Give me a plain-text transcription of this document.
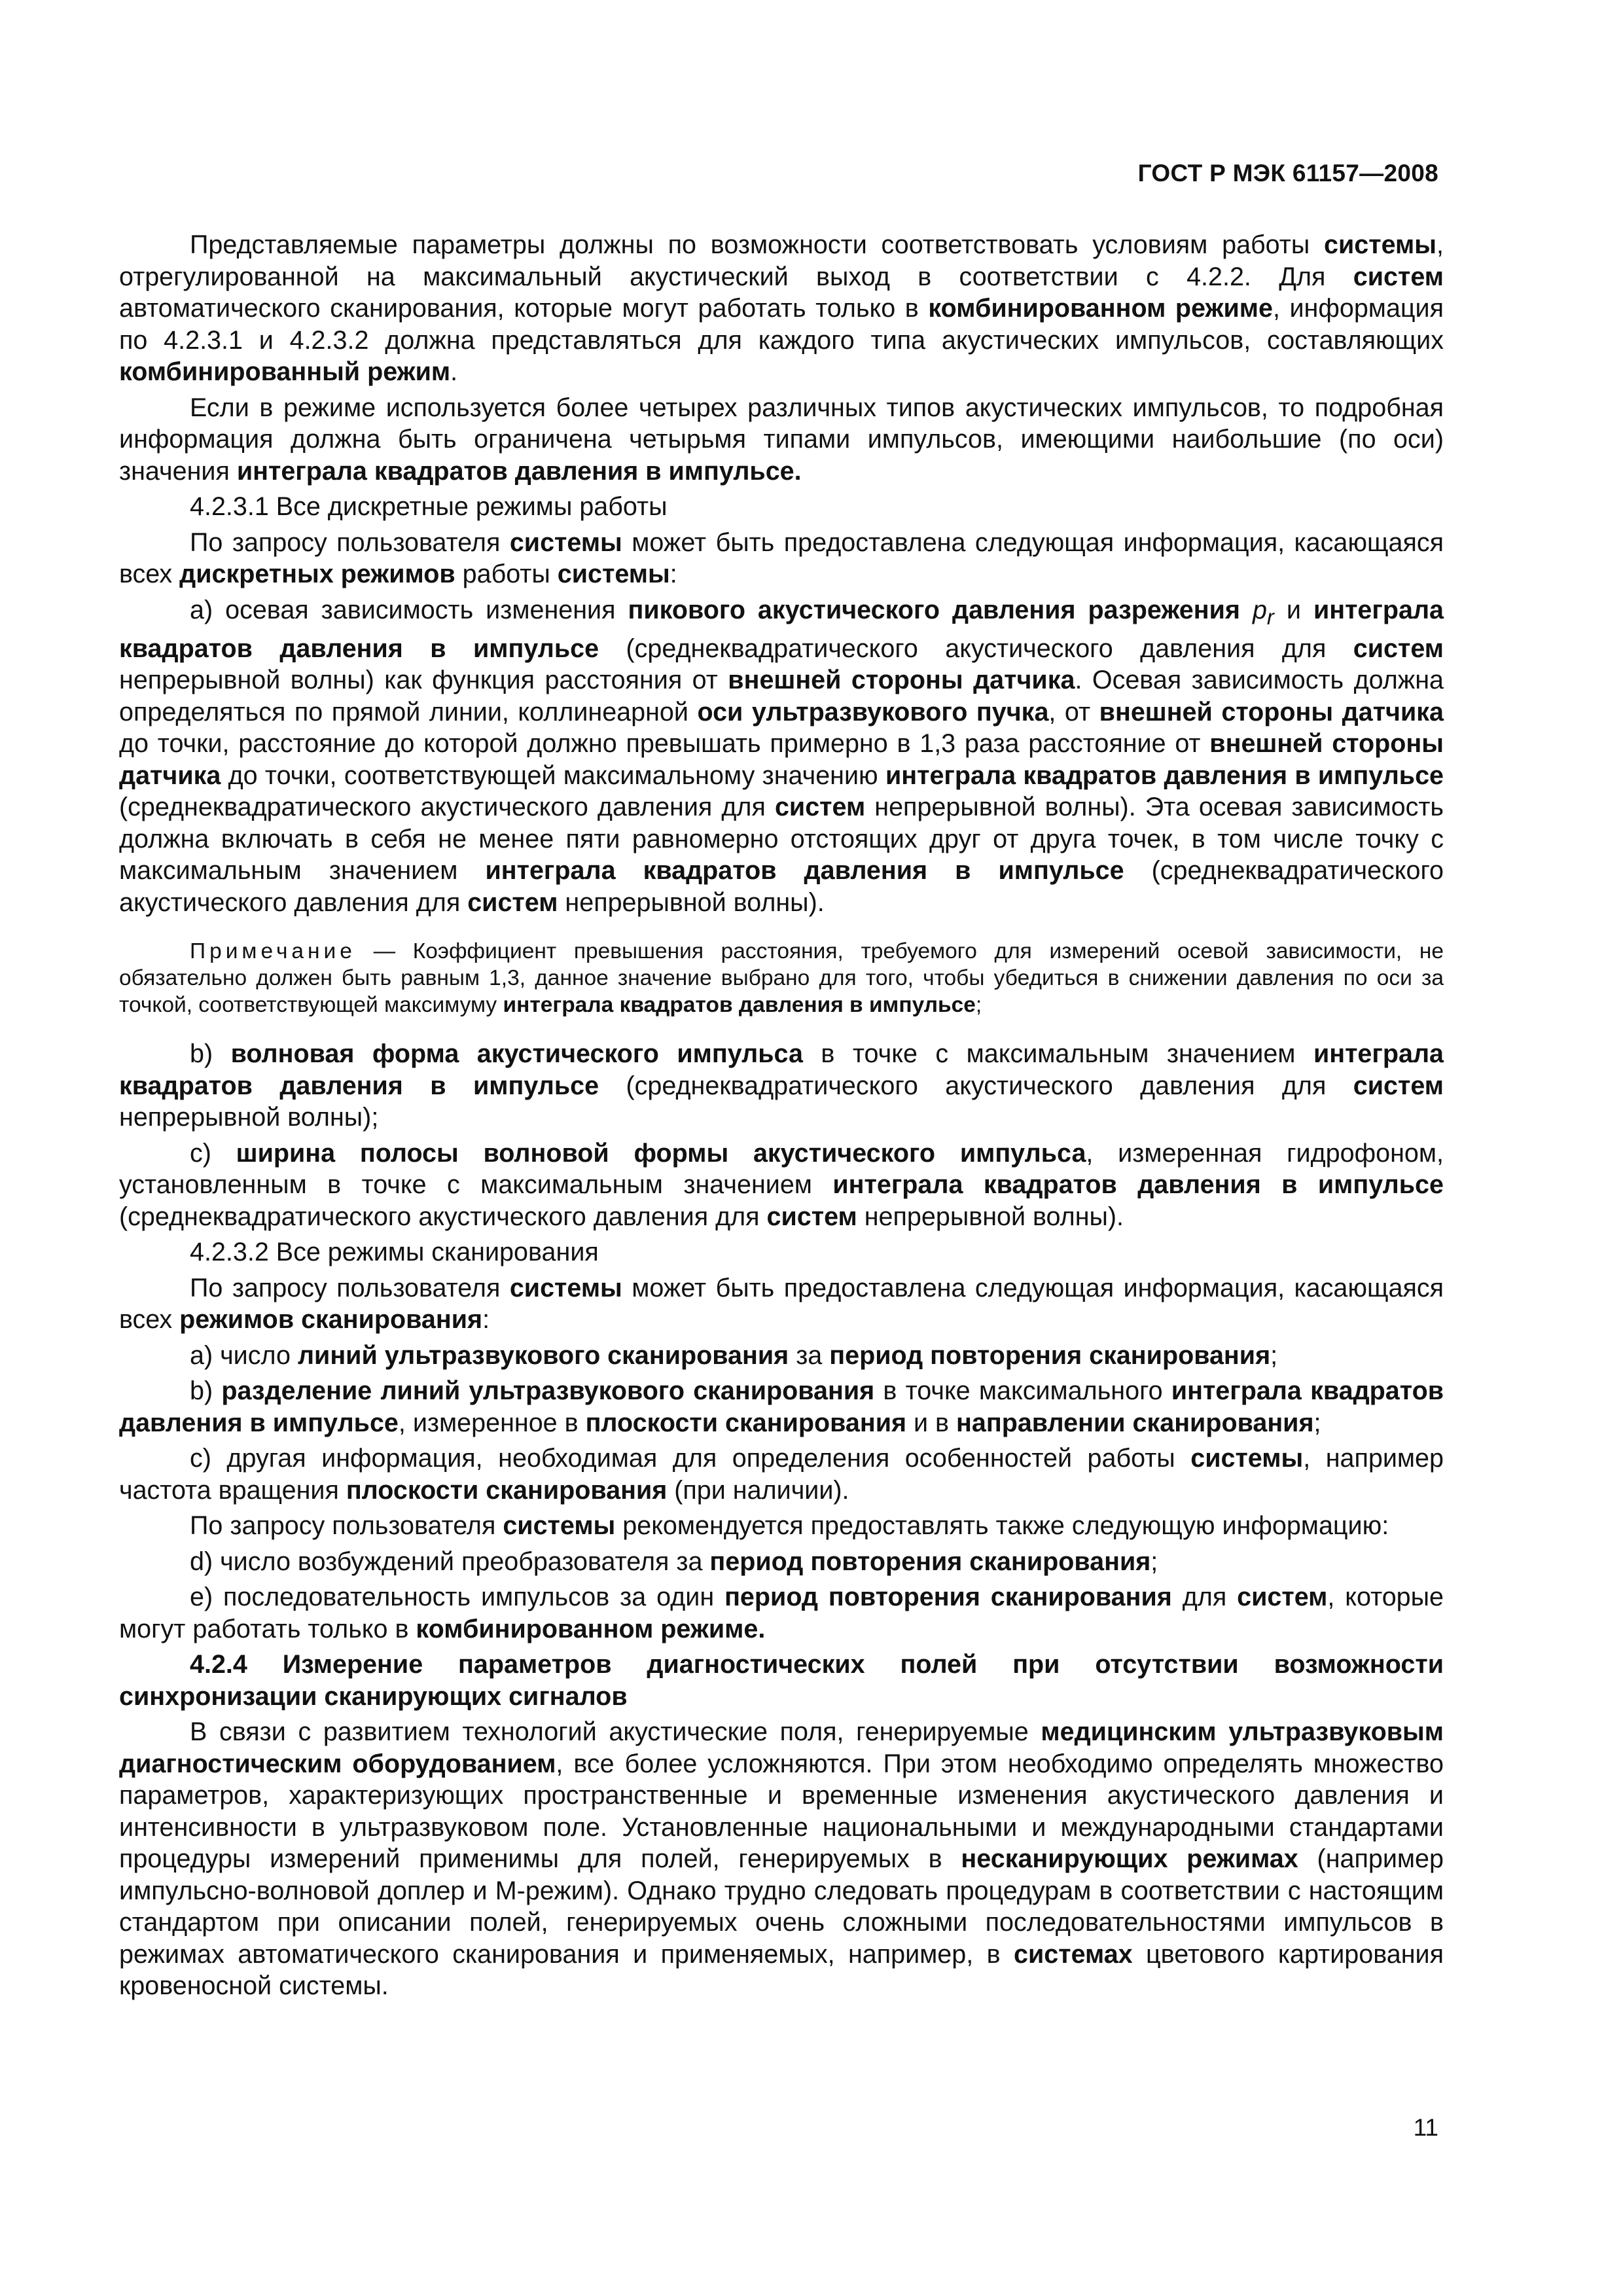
ГОСТ Р МЭК 61157—2008

Представляемые параметры должны по возможности соответствовать условиям работы системы, отрегулированной на максимальный акустический выход в соответствии с 4.2.2. Для систем автоматического сканирования, которые могут работать только в комбинированном режиме, информация по 4.2.3.1 и 4.2.3.2 должна представляться для каждого типа акустических импульсов, составляющих комбинированный режим.

Если в режиме используется более четырех различных типов акустических импульсов, то подробная информация должна быть ограничена четырьмя типами импульсов, имеющими наибольшие (по оси) значения интеграла квадратов давления в импульсе.

4.2.3.1 Все дискретные режимы работы

По запросу пользователя системы может быть предоставлена следующая информация, касающаяся всех дискретных режимов работы системы:

a) осевая зависимость изменения пикового акустического давления разрежения $p_r$ и интеграла квадратов давления в импульсе (среднеквадратического акустического давления для систем непрерывной волны) как функция расстояния от внешней стороны датчика. Осевая зависимость должна определяться по прямой линии, коллинеарной оси ультразвукового пучка, от внешней стороны датчика до точки, расстояние до которой должно превышать примерно в 1,3 раза расстояние от внешней стороны датчика до точки, соответствующей максимальному значению интеграла квадратов давления в импульсе (среднеквадратического акустического давления для систем непрерывной волны). Эта осевая зависимость должна включать в себя не менее пяти равномерно отстоящих друг от друга точек, в том числе точку с максимальным значением интеграла квадратов давления в импульсе (среднеквадратического акустического давления для систем непрерывной волны).

Примечание — Коэффициент превышения расстояния, требуемого для измерений осевой зависимости, не обязательно должен быть равным 1,3, данное значение выбрано для того, чтобы убедиться в снижении давления по оси за точкой, соответствующей максимуму интеграла квадратов давления в импульсе;

b) волновая форма акустического импульса в точке с максимальным значением интеграла квадратов давления в импульсе (среднеквадратического акустического давления для систем непрерывной волны);

c) ширина полосы волновой формы акустического импульса, измеренная гидрофоном, установленным в точке с максимальным значением интеграла квадратов давления в импульсе (среднеквадратического акустического давления для систем непрерывной волны).

4.2.3.2 Все режимы сканирования

По запросу пользователя системы может быть предоставлена следующая информация, касающаяся всех режимов сканирования:

a) число линий ультразвукового сканирования за период повторения сканирования;

b) разделение линий ультразвукового сканирования в точке максимального интеграла квадратов давления в импульсе, измеренное в плоскости сканирования и в направлении сканирования;

c) другая информация, необходимая для определения особенностей работы системы, например частота вращения плоскости сканирования (при наличии).

По запросу пользователя системы рекомендуется предоставлять также следующую информацию:

d) число возбуждений преобразователя за период повторения сканирования;

e) последовательность импульсов за один период повторения сканирования для систем, которые могут работать только в комбинированном режиме.

4.2.4 Измерение параметров диагностических полей при отсутствии возможности синхронизации сканирующих сигналов

В связи с развитием технологий акустические поля, генерируемые медицинским ультразвуковым диагностическим оборудованием, все более усложняются. При этом необходимо определять множество параметров, характеризующих пространственные и временные изменения акустического давления и интенсивности в ультразвуковом поле. Установленные национальными и международными стандартами процедуры измерений применимы для полей, генерируемых в несканирующих режимах (например импульсно-волновой доплер и М-режим). Однако трудно следовать процедурам в соответствии с настоящим стандартом при описании полей, генерируемых очень сложными последовательностями импульсов в режимах автоматического сканирования и применяемых, например, в системах цветового картирования кровеносной системы.

11
